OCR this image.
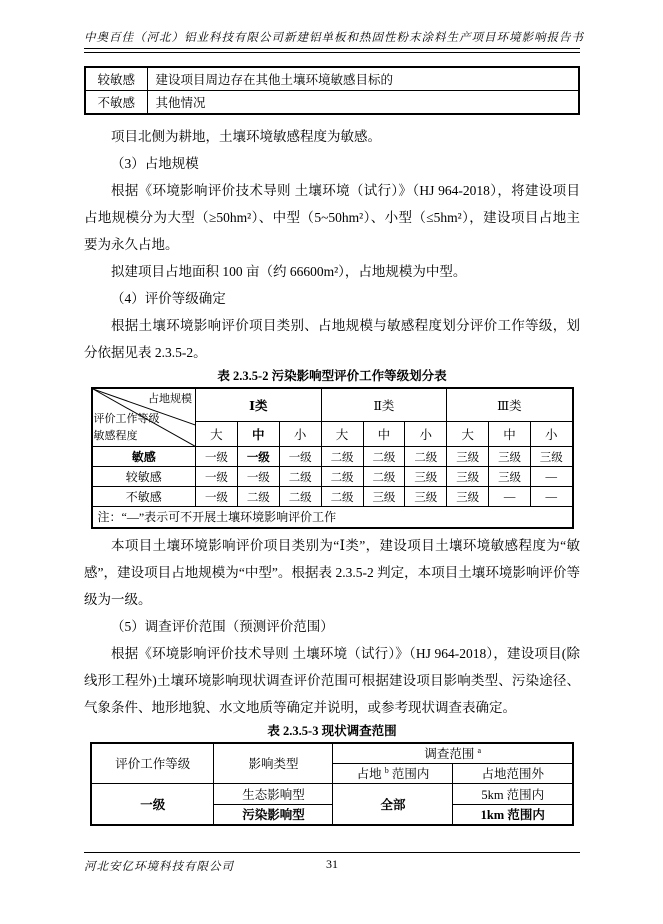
中奥百佳（河北）铝业科技有限公司新建铝单板和热固性粉末涂料生产项目环境影响报告书
较敏感	建设项目周边存在其他土壤环境敏感目标的
不敏感	其他情况

项目北侧为耕地，土壤环境敏感程度为敏感。

（3）占地规模

根据《环境影响评价技术导则 土壤环境（试行）》（HJ 964-2018），将建设项目占地规模分为大型（≥50hm²）、中型（5~50hm²）、小型（≤5hm²），建设项目占地主要为永久占地。

拟建项目占地面积 100 亩（约 66600m²），占地规模为中型。

（4）评价等级确定

根据土壤环境影响评价项目类别、占地规模与敏感程度划分评价工作等级，划分依据见表 2.3.5-2。

表 2.3.5-2 污染影响型评价工作等级划分表
占地规模
评价工作等级
敏感程度	Ⅰ类			Ⅱ类			Ⅲ类		
	大	中	小	大	中	小	大	中	小
敏感	一级	一级	一级	二级	二级	二级	三级	三级	三级
较敏感	一级	一级	二级	二级	二级	三级	三级	三级	—
不敏感	一级	二级	二级	二级	三级	三级	三级	—	—
注：“—”表示可不开展土壤环境影响评价工作									

本项目土壤环境影响评价项目类别为“Ⅰ类”，建设项目土壤环境敏感程度为“敏感”，建设项目占地规模为“中型”。根据表 2.3.5-2 判定，本项目土壤环境影响评价等级为一级。

（5）调查评价范围（预测评价范围）

根据《环境影响评价技术导则 土壤环境（试行）》（HJ 964-2018），建设项目(除线形工程外)土壤环境影响现状调查评价范围可根据建设项目影响类型、污染途径、气象条件、地形地貌、水文地质等确定并说明，或参考现状调查表确定。

表 2.3.5-3 现状调查范围
评价工作等级	影响类型	调查范围 $^a$
		占地 $^b$ 范围内	占地范围外
一级	生态影响型	全部	5km 范围内
	污染影响型		1km 范围内
河北安亿环境科技有限公司	31
